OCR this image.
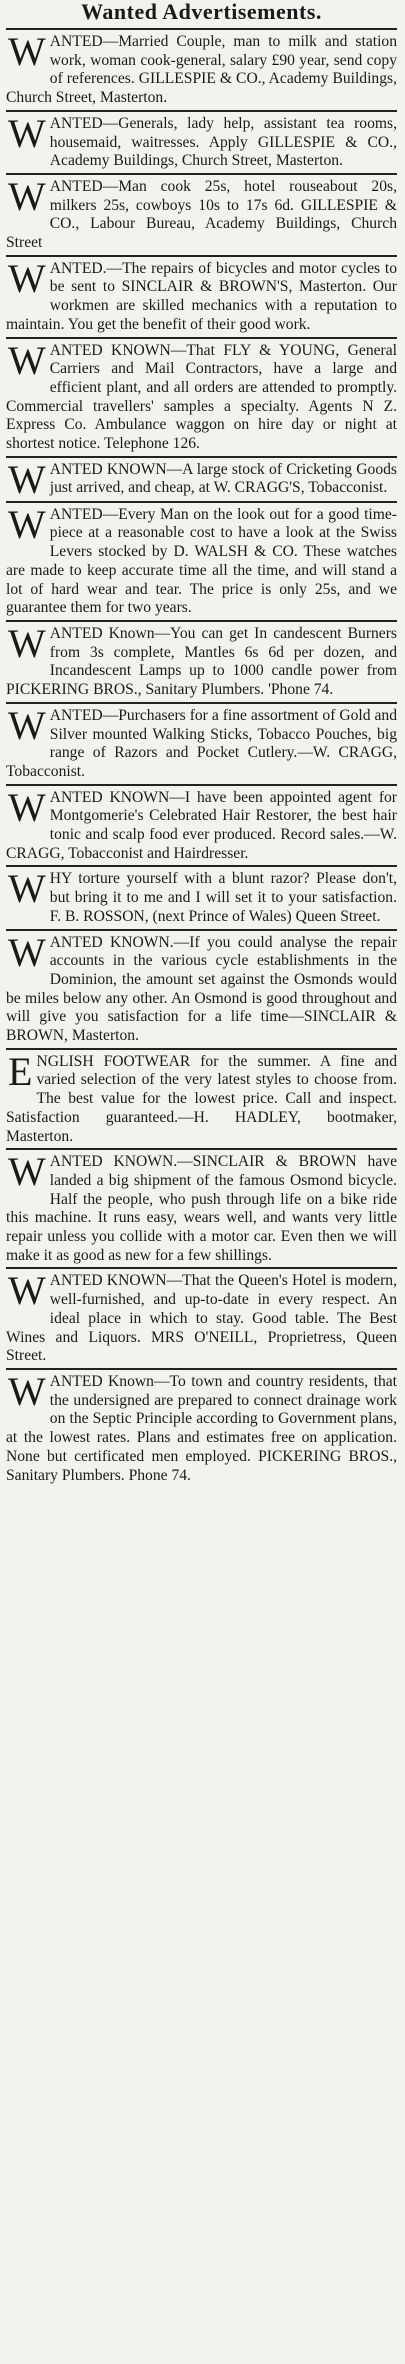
Wanted Advertisements.
WANTED—Married Couple, man to milk and station work, woman cook-general, salary £90 year, send copy of references. GILLESPIE & CO., Academy Buildings, Church Street, Masterton.
WANTED—Generals, lady help, assistant tea rooms, housemaid, waitresses. Apply GILLESPIE & CO., Academy Buildings, Church Street, Masterton.
WANTED—Man cook 25s, hotel rouseabout 20s, milkers 25s, cowboys 10s to 17s 6d. GILLESPIE & CO., Labour Bureau, Academy Buildings, Church Street
WANTED.—The repairs of bicycles and motor cycles to be sent to SINCLAIR & BROWN'S, Masterton. Our workmen are skilled mechanics with a reputation to maintain. You get the benefit of their good work.
WANTED KNOWN—That FLY & YOUNG, General Carriers and Mail Contractors, have a large and efficient plant, and all orders are attended to promptly. Commercial travellers' samples a specialty. Agents N Z. Express Co. Ambulance waggon on hire day or night at shortest notice. Telephone 126.
WANTED KNOWN—A large stock of Cricketing Goods just arrived, and cheap, at W. CRAGG'S, Tobacconist.
WANTED—Every Man on the look out for a good time-piece at a reasonable cost to have a look at the Swiss Levers stocked by D. WALSH & CO. These watches are made to keep accurate time all the time, and will stand a lot of hard wear and tear. The price is only 25s, and we guarantee them for two years.
WANTED Known—You can get In candescent Burners from 3s complete, Mantles 6s 6d per dozen, and Incandescent Lamps up to 1000 candle power from PICKERING BROS., Sanitary Plumbers. 'Phone 74.
WANTED—Purchasers for a fine assortment of Gold and Silver mounted Walking Sticks, Tobacco Pouches, big range of Razors and Pocket Cutlery.—W. CRAGG, Tobacconist.
WANTED KNOWN—I have been appointed agent for Montgomerie's Celebrated Hair Restorer, the best hair tonic and scalp food ever produced. Record sales.—W. CRAGG, Tobacconist and Hairdresser.
WHY torture yourself with a blunt razor? Please don't, but bring it to me and I will set it to your satisfaction. F. B. ROSSON, (next Prince of Wales) Queen Street.
WANTED KNOWN.—If you could analyse the repair accounts in the various cycle establishments in the Dominion, the amount set against the Osmonds would be miles below any other. An Osmond is good throughout and will give you satisfaction for a life time—SINCLAIR & BROWN, Masterton.
ENGLISH FOOTWEAR for the summer. A fine and varied selection of the very latest styles to choose from. The best value for the lowest price. Call and inspect. Satisfaction guaranteed.—H. HADLEY, bootmaker, Masterton.
WANTED KNOWN.—SINCLAIR & BROWN have landed a big shipment of the famous Osmond bicycle. Half the people, who push through life on a bike ride this machine. It runs easy, wears well, and wants very little repair unless you collide with a motor car. Even then we will make it as good as new for a few shillings.
WANTED KNOWN—That the Queen's Hotel is modern, well-furnished, and up-to-date in every respect. An ideal place in which to stay. Good table. The Best Wines and Liquors. MRS O'NEILL, Proprietress, Queen Street.
WANTED Known—To town and country residents, that the undersigned are prepared to connect drainage work on the Septic Principle according to Government plans, at the lowest rates. Plans and estimates free on application. None but certificated men employed. PICKERING BROS., Sanitary Plumbers. Phone 74.
